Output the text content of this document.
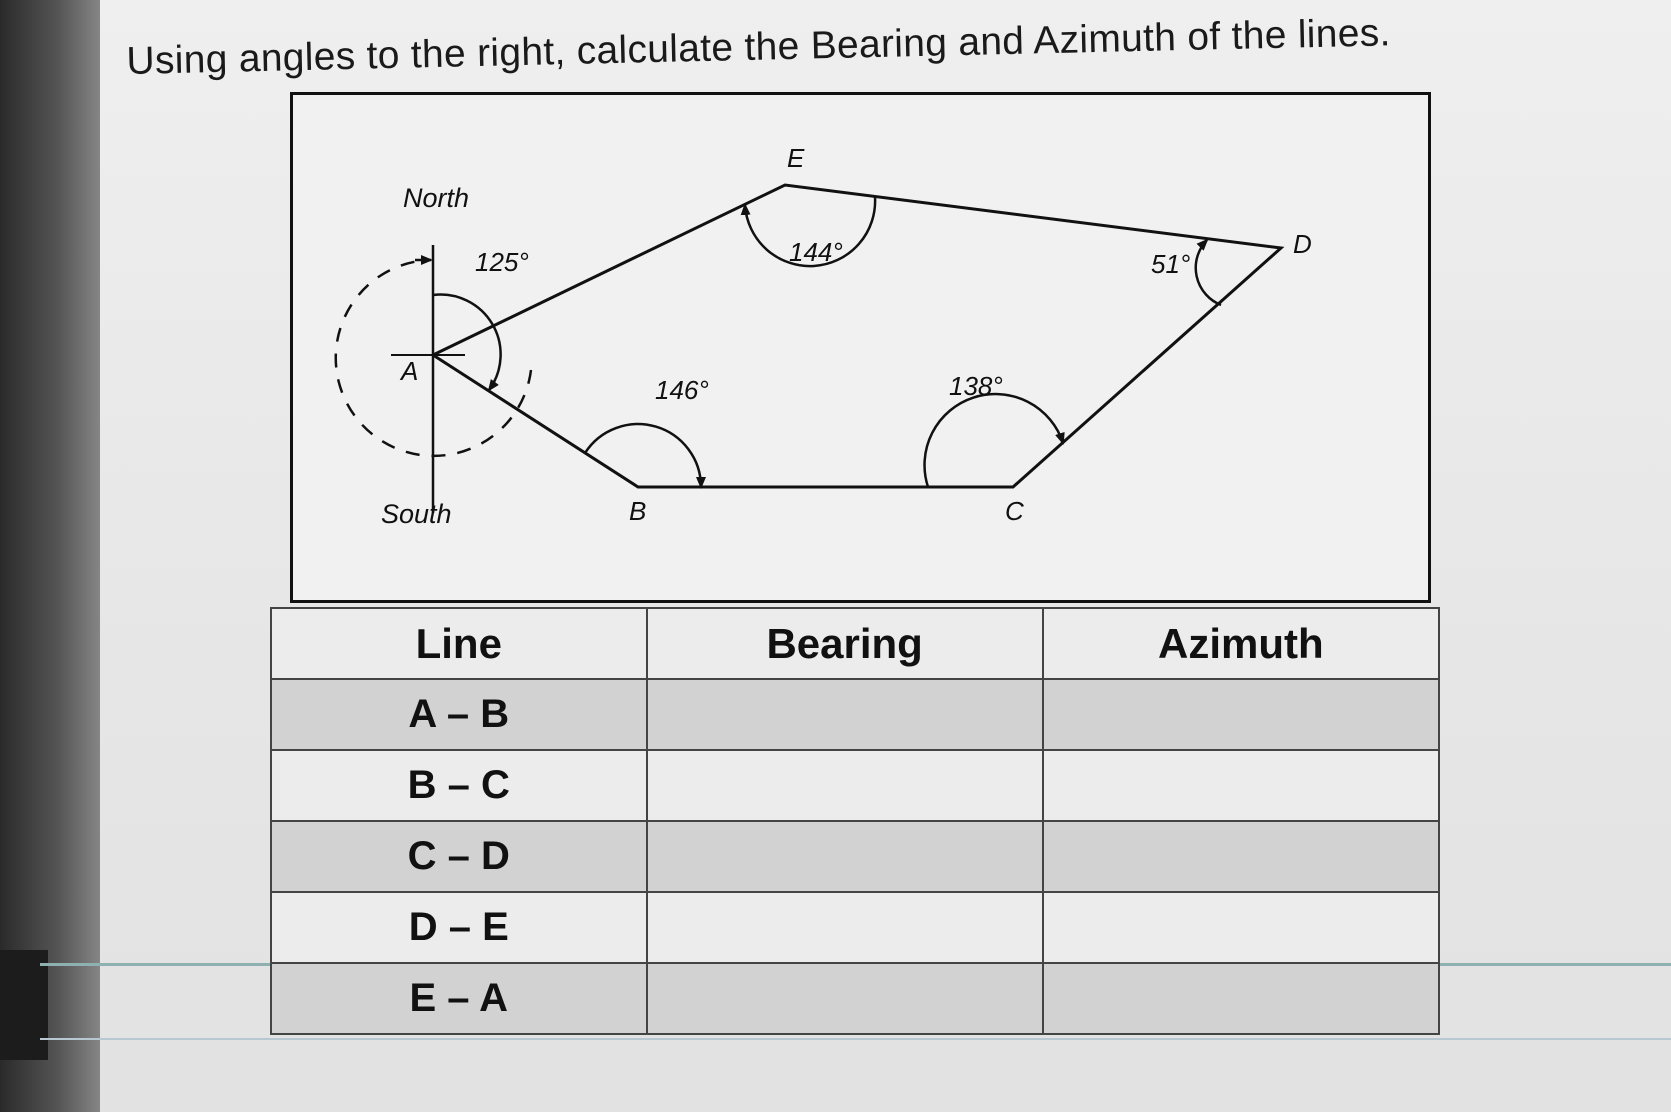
Using angles to the right, calculate the Bearing and Azimuth of the lines.
North
South
A
B	C
D
E
125°
146°	138°
51°
144°
Line	Bearing	Azimuth
A – B		
B – C		
C – D		
D – E		
E – A		
